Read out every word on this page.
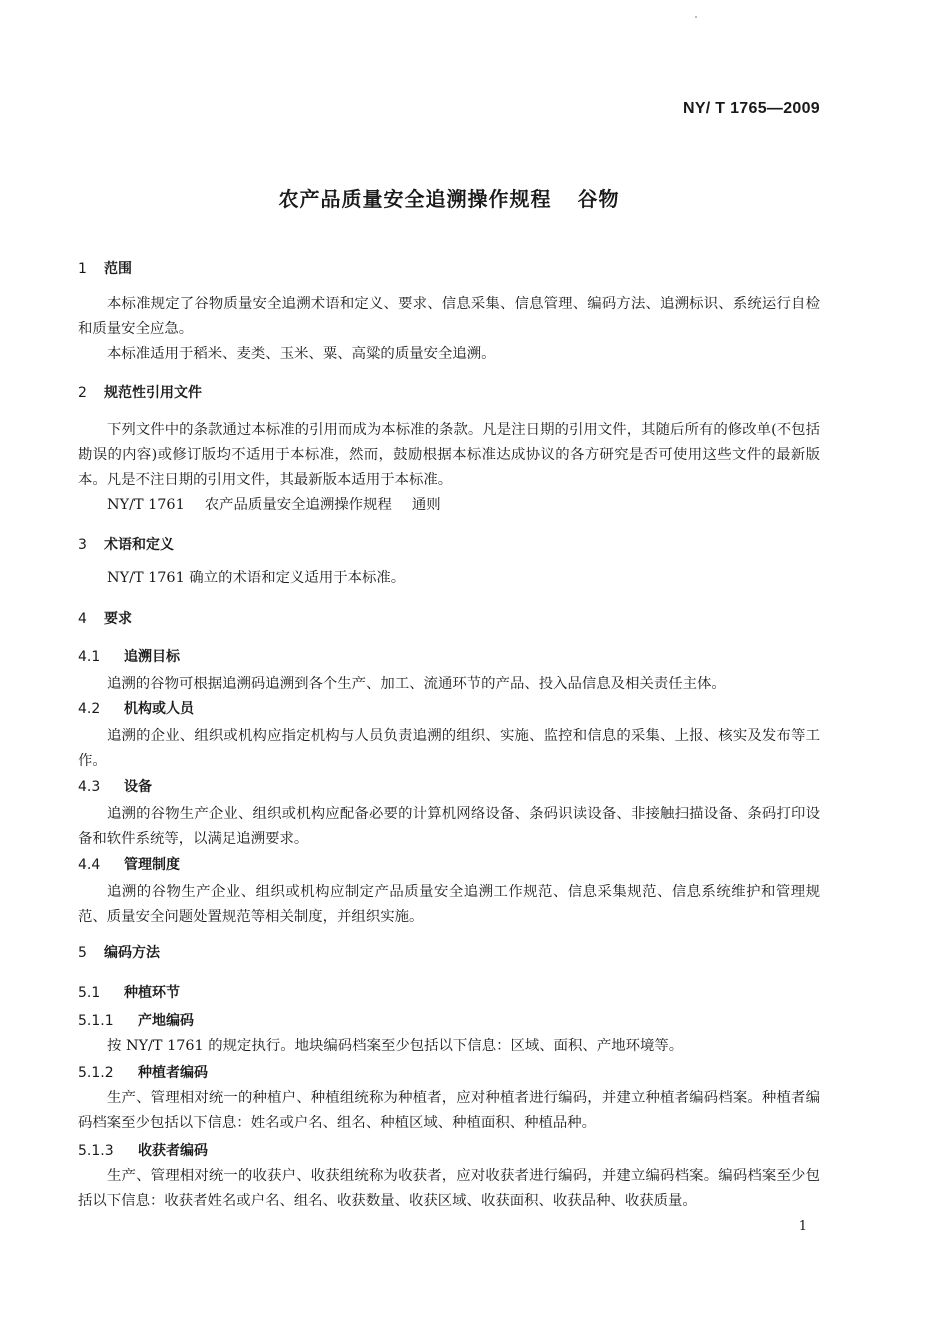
NY/ T 1765—2009
农产品质量安全追溯操作规程 谷物
1 范围
本标准规定了谷物质量安全追溯术语和定义、要求、信息采集、信息管理、编码方法、追溯标识、系统运行自检和质量安全应急。
本标准适用于稻米、麦类、玉米、粟、高粱的质量安全追溯。
2 规范性引用文件
下列文件中的条款通过本标准的引用而成为本标准的条款。凡是注日期的引用文件，其随后所有的修改单(不包括勘误的内容)或修订版均不适用于本标准，然而，鼓励根据本标准达成协议的各方研究是否可使用这些文件的最新版本。凡是不注日期的引用文件，其最新版本适用于本标准。
NY/T 1761 农产品质量安全追溯操作规程 通则
3 术语和定义
NY/T 1761 确立的术语和定义适用于本标准。
4 要求
4.1 追溯目标
追溯的谷物可根据追溯码追溯到各个生产、加工、流通环节的产品、投入品信息及相关责任主体。
4.2 机构或人员
追溯的企业、组织或机构应指定机构与人员负责追溯的组织、实施、监控和信息的采集、上报、核实及发布等工作。
4.3 设备
追溯的谷物生产企业、组织或机构应配备必要的计算机网络设备、条码识读设备、非接触扫描设备、条码打印设备和软件系统等，以满足追溯要求。
4.4 管理制度
追溯的谷物生产企业、组织或机构应制定产品质量安全追溯工作规范、信息采集规范、信息系统维护和管理规范、质量安全问题处置规范等相关制度，并组织实施。
5 编码方法
5.1 种植环节
5.1.1 产地编码
按 NY/T 1761 的规定执行。地块编码档案至少包括以下信息：区域、面积、产地环境等。
5.1.2 种植者编码
生产、管理相对统一的种植户、种植组统称为种植者，应对种植者进行编码，并建立种植者编码档案。种植者编码档案至少包括以下信息：姓名或户名、组名、种植区域、种植面积、种植品种。
5.1.3 收获者编码
生产、管理相对统一的收获户、收获组统称为收获者，应对收获者进行编码，并建立编码档案。编码档案至少包括以下信息：收获者姓名或户名、组名、收获数量、收获区域、收获面积、收获品种、收获质量。
1
